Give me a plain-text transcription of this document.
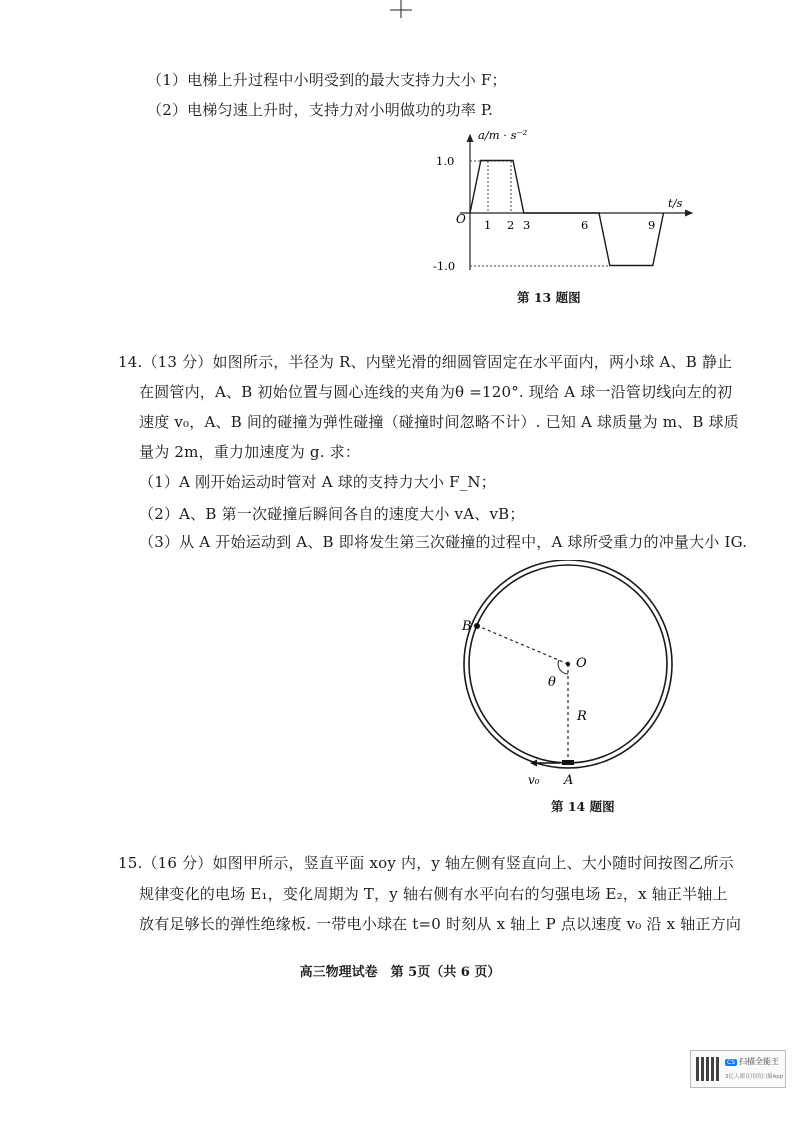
（1）电梯上升过程中小明受到的最大支持力大小 F；
（2）电梯匀速上升时，支持力对小明做功的功率 P.
a/m · s⁻²
t/s
O
1.0
-1.0
1 2 3	6	9
第 13 题图
14.（13 分）如图所示，半径为 R、内壁光滑的细圆管固定在水平面内，两小球 A、B 静止
在圆管内，A、B 初始位置与圆心连线的夹角为θ =120°. 现给 A 球一沿管切线向左的初
速度 v₀，A、B 间的碰撞为弹性碰撞（碰撞时间忽略不计）. 已知 A 球质量为 m、B 球质
量为 2m，重力加速度为 g. 求：
（1）A 刚开始运动时管对 A 球的支持力大小 F_N；
（2）A、B 第一次碰撞后瞬间各自的速度大小 vA、vB；
（3）从 A 开始运动到 A、B 即将发生第三次碰撞的过程中，A 球所受重力的冲量大小 IG.
B
O
θ
R
v₀ A
第 14 题图
15.（16 分）如图甲所示，竖直平面 xoy 内，y 轴左侧有竖直向上、大小随时间按图乙所示
规律变化的电场 E₁，变化周期为 T，y 轴右侧有水平向右的匀强电场 E₂，x 轴正半轴上
放有足够长的弹性绝缘板. 一带电小球在 t=0 时刻从 x 轴上 P 点以速度 v₀ 沿 x 轴正方向
高三物理试卷　第 5页（共 6 页）
CS 扫描全能王
3亿人都在用的扫描App
